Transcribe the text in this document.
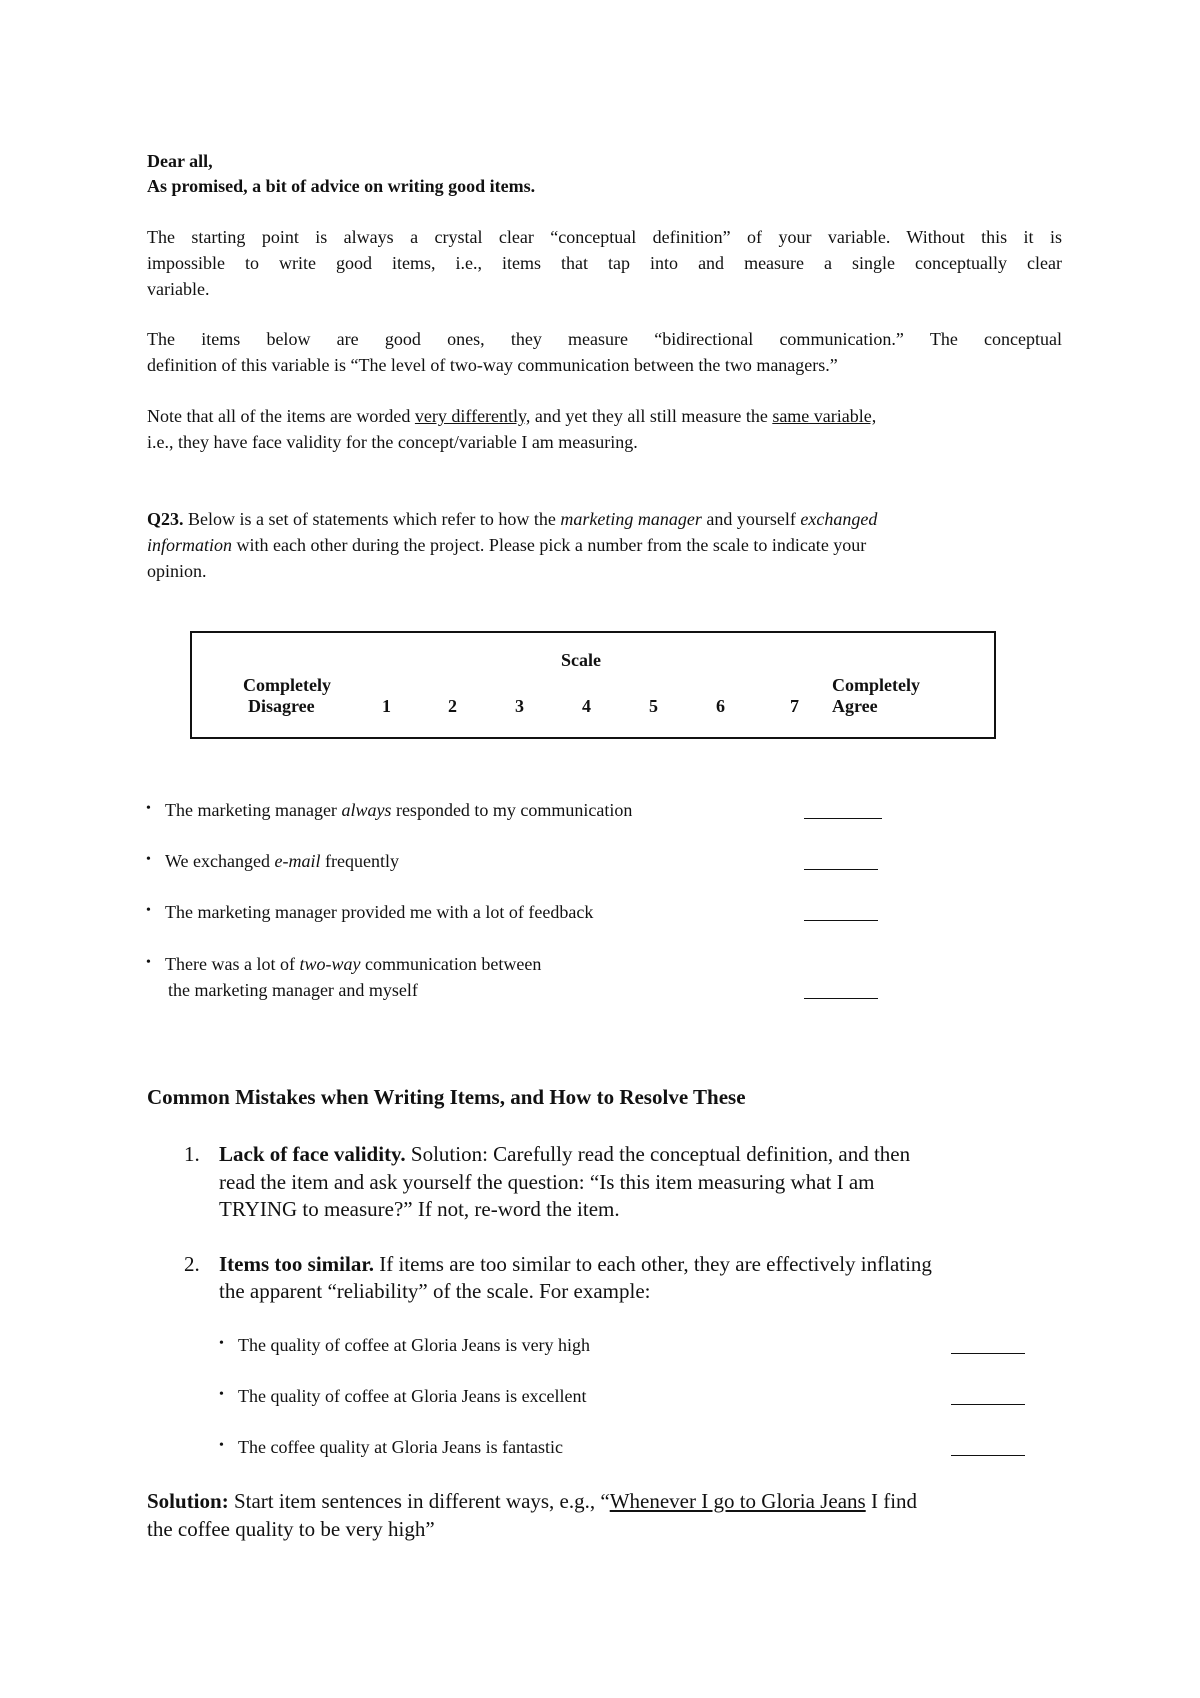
Dear all,
As promised, a bit of advice on writing good items.
The starting point is always a crystal clear “conceptual definition” of your variable. Without this it is
impossible to write good items, i.e., items that tap into and measure a single conceptually clear
variable.
The items below are good ones, they measure “bidirectional communication.” The conceptual
definition of this variable is “The level of two-way communication between the two managers.”
Note that all of the items are worded very differently, and yet they all still measure the same variable,
i.e., they have face validity for the concept/variable I am measuring.
Q23. Below is a set of statements which refer to how the marketing manager and yourself exchanged
information with each other during the project. Please pick a number from the scale to indicate your
opinion.
Scale
Completely
Disagree
Completely
Agree
1	2	3	4	5	6	7
• The marketing manager always responded to my communication
• We exchanged e-mail frequently
• The marketing manager provided me with a lot of feedback
• There was a lot of two-way communication between
the marketing manager and myself
Common Mistakes when Writing Items, and How to Resolve These
1. Lack of face validity. Solution: Carefully read the conceptual definition, and then
read the item and ask yourself the question: “Is this item measuring what I am
TRYING to measure?” If not, re-word the item.
2. Items too similar. If items are too similar to each other, they are effectively inflating
the apparent “reliability” of the scale. For example:
• The quality of coffee at Gloria Jeans is very high
• The quality of coffee at Gloria Jeans is excellent
• The coffee quality at Gloria Jeans is fantastic
Solution: Start item sentences in different ways, e.g., “Whenever I go to Gloria Jeans I find
the coffee quality to be very high”
